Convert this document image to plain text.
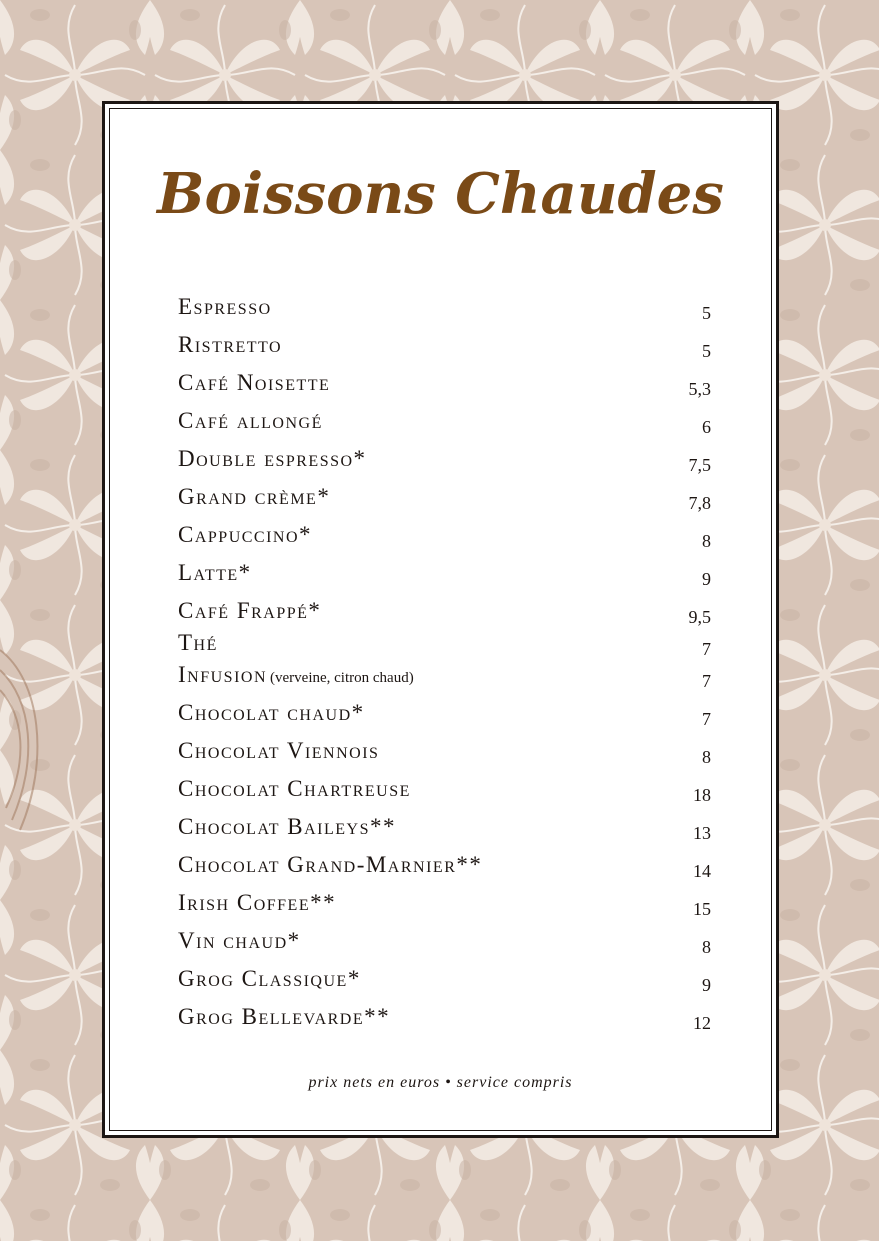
Boissons Chaudes
Espresso	5
Ristretto	5
Café Noisette	5,3
Café allongé	6
Double espresso*	7,5
Grand crème*	7,8
Cappuccino*	8
Latte*	9
Café Frappé*	9,5
Thé	7
Infusion (verveine, citron chaud)	7
Chocolat chaud*	7
Chocolat Viennois	8
Chocolat Chartreuse	18
Chocolat Baileys**	13
Chocolat Grand-Marnier**	14
Irish Coffee**	15
Vin chaud*	8
Grog Classique*	9
Grog Bellevarde**	12

prix nets en euros • service compris
